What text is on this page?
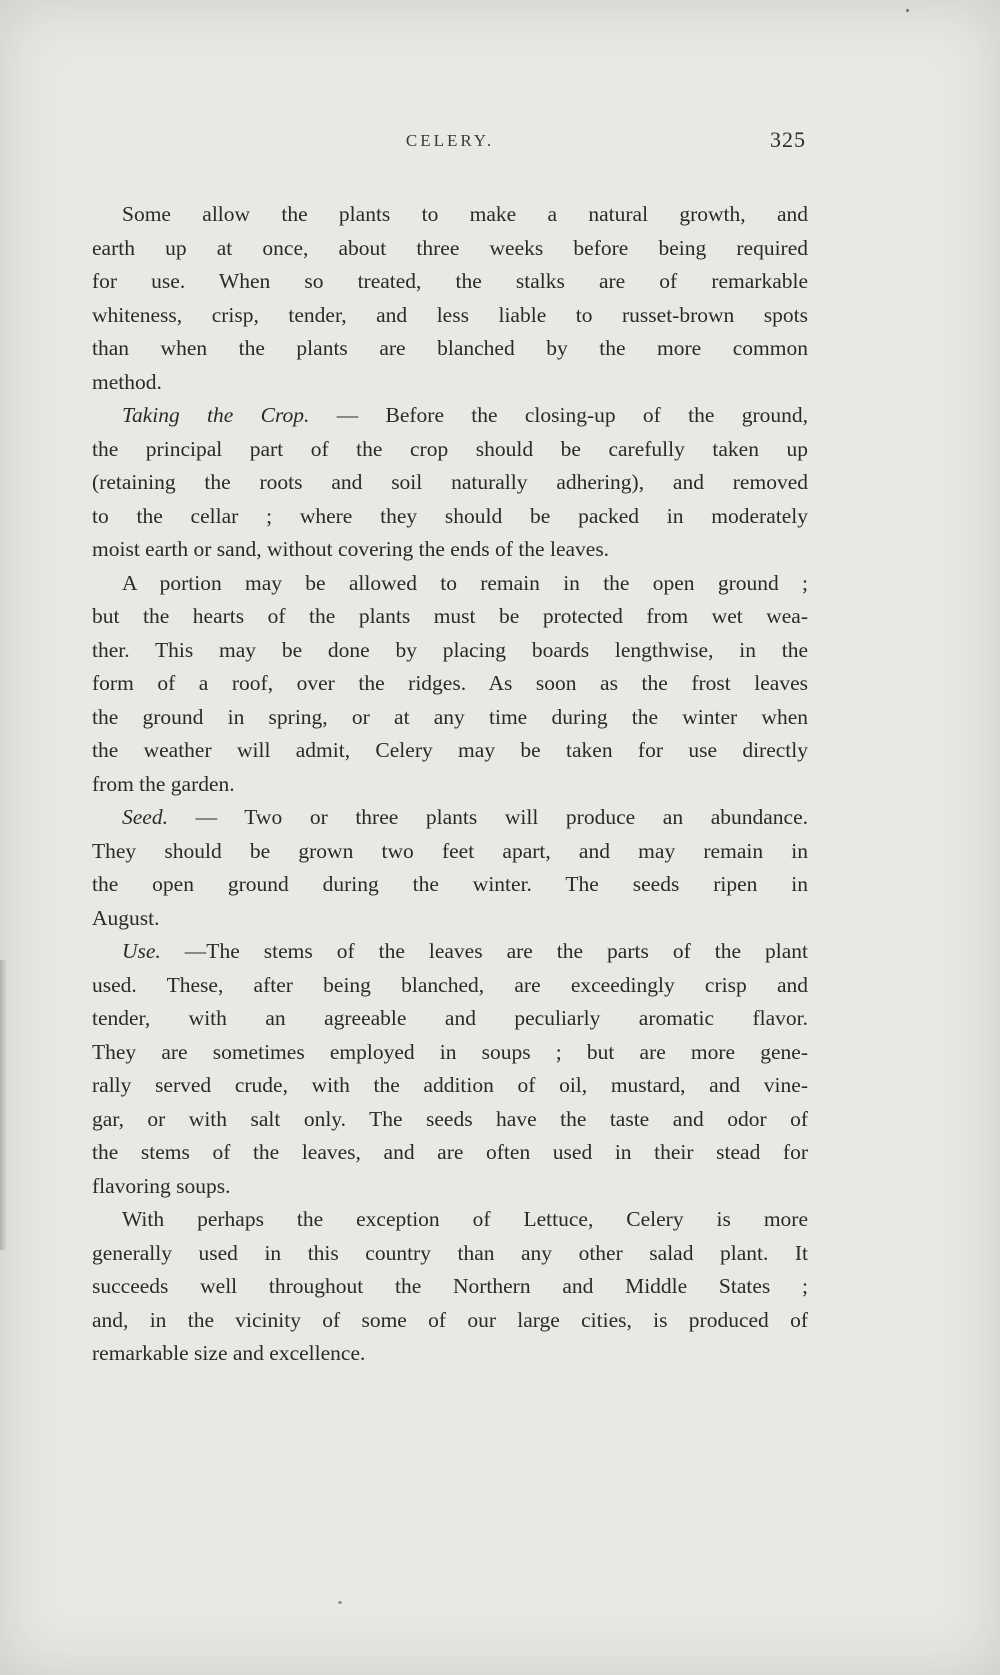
CELERY.	325
Some allow the plants to make a natural growth, and
earth up at once, about three weeks before being required
for use. When so treated, the stalks are of remarkable
whiteness, crisp, tender, and less liable to russet-brown spots
than when the plants are blanched by the more common
method.
Taking the Crop. — Before the closing-up of the ground,
the principal part of the crop should be carefully taken up
(retaining the roots and soil naturally adhering), and removed
to the cellar ; where they should be packed in moderately
moist earth or sand, without covering the ends of the leaves.
A portion may be allowed to remain in the open ground ;
but the hearts of the plants must be protected from wet wea-
ther. This may be done by placing boards lengthwise, in the
form of a roof, over the ridges. As soon as the frost leaves
the ground in spring, or at any time during the winter when
the weather will admit, Celery may be taken for use directly
from the garden.
Seed. — Two or three plants will produce an abundance.
They should be grown two feet apart, and may remain in
the open ground during the winter. The seeds ripen in
August.
Use. —The stems of the leaves are the parts of the plant
used. These, after being blanched, are exceedingly crisp and
tender, with an agreeable and peculiarly aromatic flavor.
They are sometimes employed in soups ; but are more gene-
rally served crude, with the addition of oil, mustard, and vine-
gar, or with salt only. The seeds have the taste and odor of
the stems of the leaves, and are often used in their stead for
flavoring soups.
With perhaps the exception of Lettuce, Celery is more
generally used in this country than any other salad plant. It
succeeds well throughout the Northern and Middle States ;
and, in the vicinity of some of our large cities, is produced of
remarkable size and excellence.
